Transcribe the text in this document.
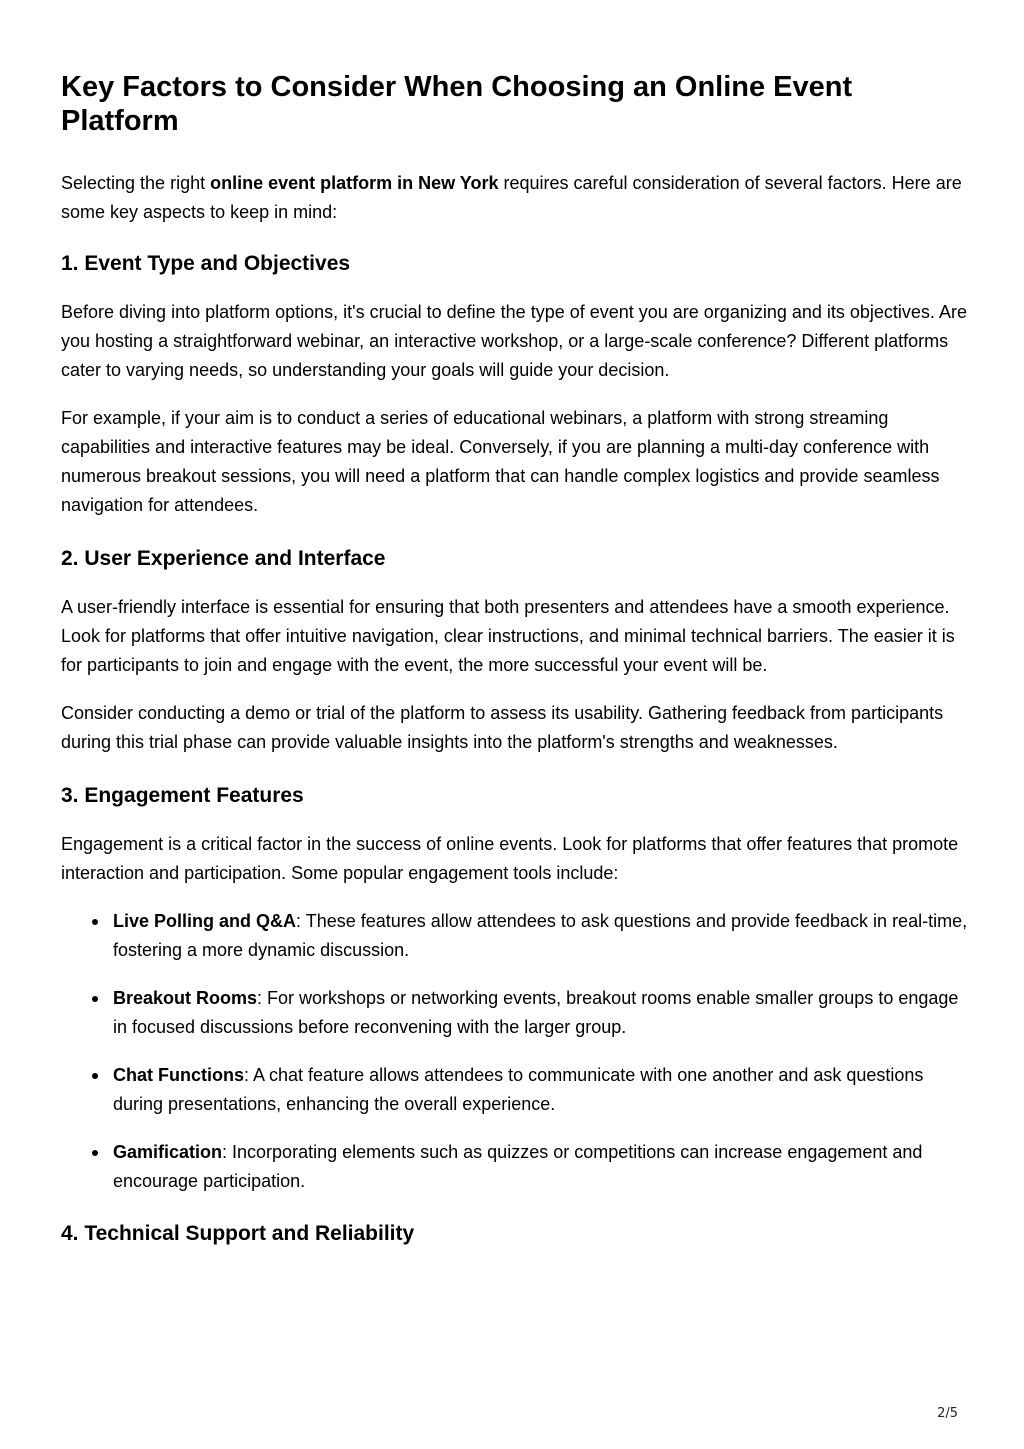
Key Factors to Consider When Choosing an Online Event Platform

Selecting the right online event platform in New York requires careful consideration of several factors. Here are some key aspects to keep in mind:

1. Event Type and Objectives

Before diving into platform options, it's crucial to define the type of event you are organizing and its objectives. Are you hosting a straightforward webinar, an interactive workshop, or a large-scale conference? Different platforms cater to varying needs, so understanding your goals will guide your decision.

For example, if your aim is to conduct a series of educational webinars, a platform with strong streaming capabilities and interactive features may be ideal. Conversely, if you are planning a multi-day conference with numerous breakout sessions, you will need a platform that can handle complex logistics and provide seamless navigation for attendees.

2. User Experience and Interface

A user-friendly interface is essential for ensuring that both presenters and attendees have a smooth experience. Look for platforms that offer intuitive navigation, clear instructions, and minimal technical barriers. The easier it is for participants to join and engage with the event, the more successful your event will be.

Consider conducting a demo or trial of the platform to assess its usability. Gathering feedback from participants during this trial phase can provide valuable insights into the platform's strengths and weaknesses.

3. Engagement Features

Engagement is a critical factor in the success of online events. Look for platforms that offer features that promote interaction and participation. Some popular engagement tools include:

Live Polling and Q&A: These features allow attendees to ask questions and provide feedback in real-time, fostering a more dynamic discussion.
Breakout Rooms: For workshops or networking events, breakout rooms enable smaller groups to engage in focused discussions before reconvening with the larger group.
Chat Functions: A chat feature allows attendees to communicate with one another and ask questions during presentations, enhancing the overall experience.
Gamification: Incorporating elements such as quizzes or competitions can increase engagement and encourage participation.
4. Technical Support and Reliability
2/5
